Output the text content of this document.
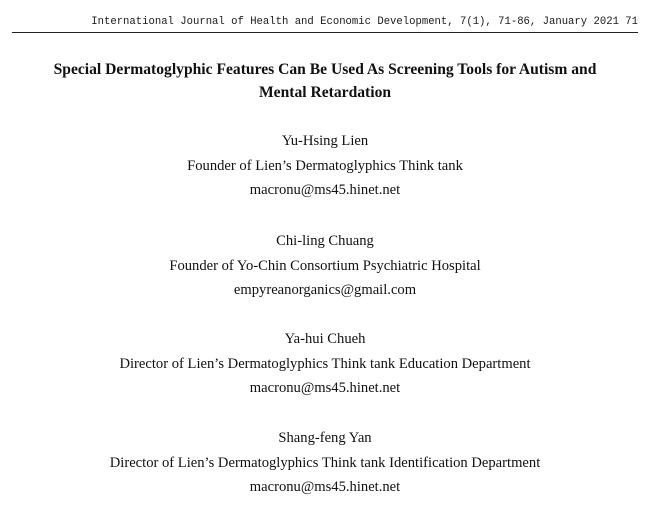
International Journal of Health and Economic Development, 7(1), 71-86, January 2021 71
Special Dermatoglyphic Features Can Be Used As Screening Tools for Autism and
Mental Retardation
Yu-Hsing Lien
Founder of Lien’s Dermatoglyphics Think tank
macronu@ms45.hinet.net
Chi-ling Chuang
Founder of Yo-Chin Consortium Psychiatric Hospital
empyreanorganics@gmail.com
Ya-hui Chueh
Director of Lien’s Dermatoglyphics Think tank Education Department
macronu@ms45.hinet.net
Shang-feng Yan
Director of Lien’s Dermatoglyphics Think tank Identification Department
macronu@ms45.hinet.net
